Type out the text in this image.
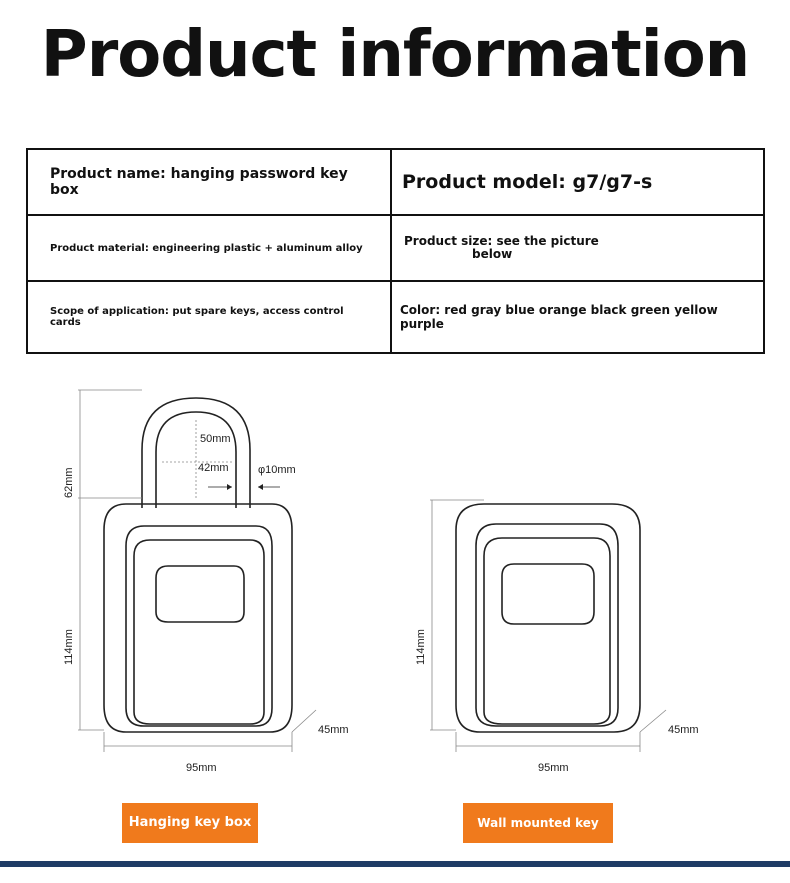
Product information
Product name: hanging password key box	Product model: g7/g7-s
Product material: engineering plastic + aluminum alloy	Product size: see the picture
below

Scope of application: put spare keys, access control cards	Color: red gray blue orange black green yellow purple
50mm
42mm	φ10mm
62mm
114mm
45mm
95mm
114mm
45mm
95mm
Hanging key box	Wall mounted key
